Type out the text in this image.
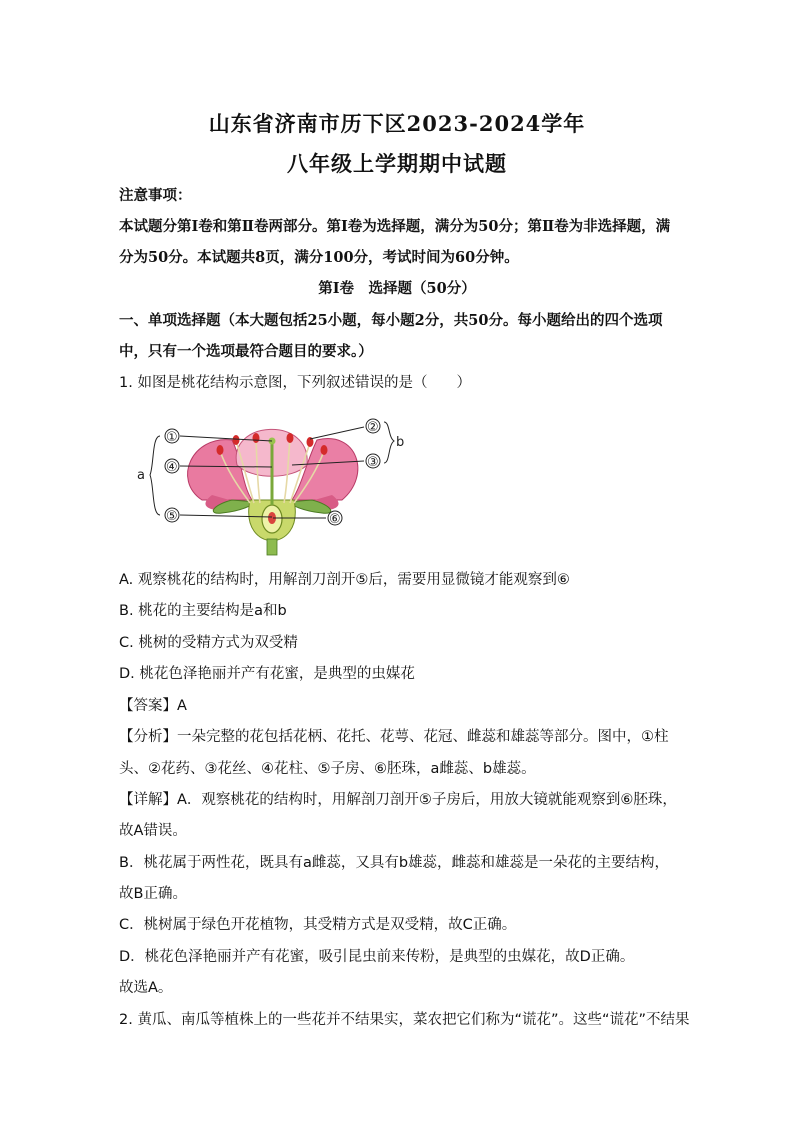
山东省济南市历下区2023-2024学年
八年级上学期期中试题
注意事项：
本试题分第Ⅰ卷和第Ⅱ卷两部分。第Ⅰ卷为选择题，满分为50分；第Ⅱ卷为非选择题，满
分为50分。本试题共8页，满分100分，考试时间为60分钟。
第Ⅰ卷　选择题（50分）
一、单项选择题（本大题包括25小题，每小题2分，共50分。每小题给出的四个选项
中，只有一个选项最符合题目的要求。）
1. 如图是桃花结构示意图，下列叙述错误的是（　　）
①
②
③
④
⑤	⑥
a
b
A. 观察桃花的结构时，用解剖刀剖开⑤后，需要用显微镜才能观察到⑥
B. 桃花的主要结构是a和b
C. 桃树的受精方式为双受精
D. 桃花色泽艳丽并产有花蜜，是典型的虫媒花
【答案】A
【分析】一朵完整的花包括花柄、花托、花萼、花冠、雌蕊和雄蕊等部分。图中，①柱
头、②花药、③花丝、④花柱、⑤子房、⑥胚珠，a雌蕊、b雄蕊。
【详解】A．观察桃花的结构时，用解剖刀剖开⑤子房后，用放大镜就能观察到⑥胚珠，
故A错误。
B．桃花属于两性花，既具有a雌蕊，又具有b雄蕊，雌蕊和雄蕊是一朵花的主要结构，
故B正确。
C．桃树属于绿色开花植物，其受精方式是双受精，故C正确。
D．桃花色泽艳丽并产有花蜜，吸引昆虫前来传粉，是典型的虫媒花，故D正确。
故选A。
2. 黄瓜、南瓜等植株上的一些花并不结果实，菜农把它们称为“谎花”。这些“谎花”不结果
